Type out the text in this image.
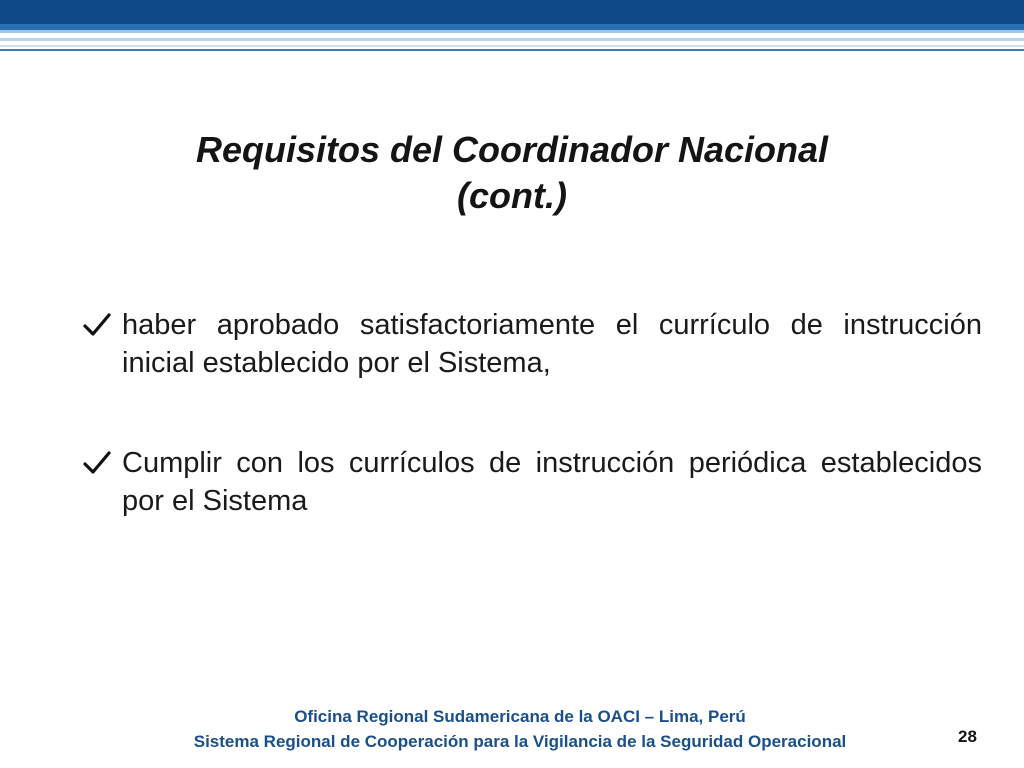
Requisitos del Coordinador Nacional
(cont.)
haber aprobado satisfactoriamente el currículo de instrucción inicial establecido por el Sistema,
Cumplir con los currículos de instrucción periódica establecidos por el Sistema
Oficina Regional Sudamericana de la OACI – Lima, Perú
Sistema Regional de Cooperación para la Vigilancia de la Seguridad Operacional	28
